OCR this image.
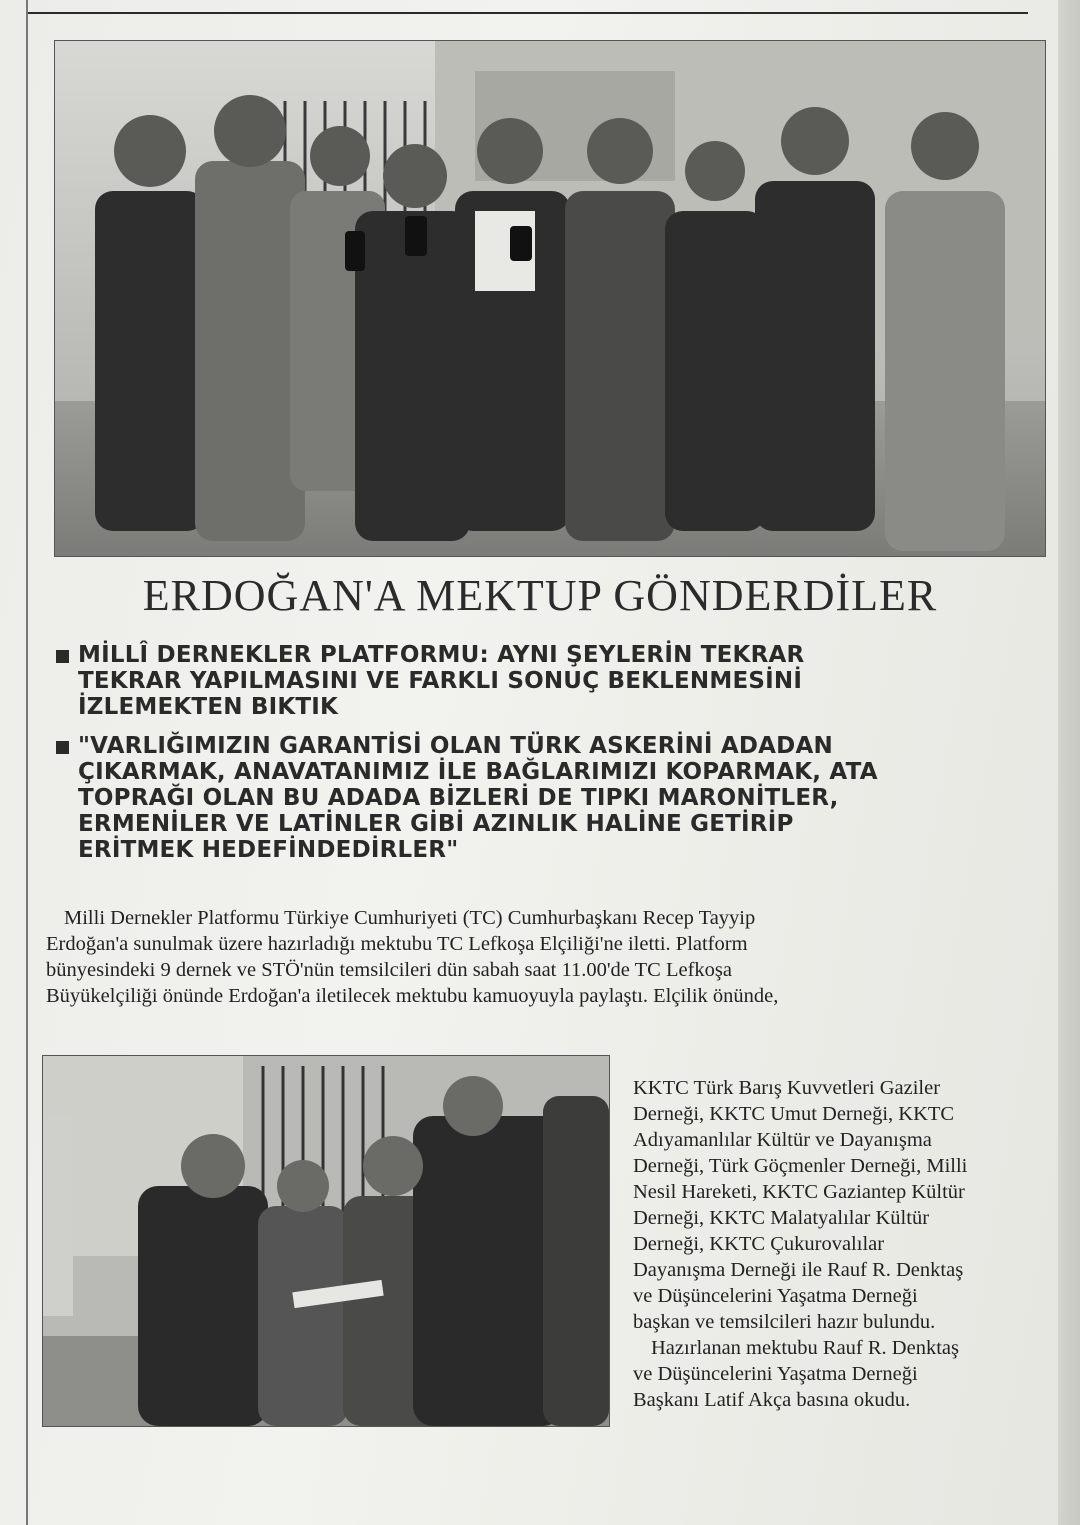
ERDOĞAN'A MEKTUP GÖNDERDİLER
MİLLÎ DERNEKLER PLATFORMU: AYNI ŞEYLERİN TEKRAR
TEKRAR YAPILMASINI VE FARKLI SONUÇ BEKLENMESİNİ
İZLEMEKTEN BIKTIK
"VARLIĞIMIZIN GARANTİSİ OLAN TÜRK ASKERİNİ ADADAN
ÇIKARMAK, ANAVATANIMIZ İLE BAĞLARIMIZI KOPARMAK, ATA
TOPRAĞI OLAN BU ADADA BİZLERİ DE TIPKI MARONİTLER,
ERMENİLER VE LATİNLER GİBİ AZINLIK HALİNE GETİRİP
ERİTMEK HEDEFİNDEDİRLER"
Milli Dernekler Platformu Türkiye Cumhuriyeti (TC) Cumhurbaşkanı Recep Tayyip
Erdoğan'a sunulmak üzere hazırladığı mektubu TC Lefkoşa Elçiliği'ne iletti. Platform
bünyesindeki 9 dernek ve STÖ'nün temsilcileri dün sabah saat 11.00'de TC Lefkoşa
Büyükelçiliği önünde Erdoğan'a iletilecek mektubu kamuoyuyla paylaştı. Elçilik önünde,
KKTC Türk Barış Kuvvetleri Gaziler
Derneği, KKTC Umut Derneği, KKTC
Adıyamanlılar Kültür ve Dayanışma
Derneği, Türk Göçmenler Derneği, Milli
Nesil Hareketi, KKTC Gaziantep Kültür
Derneği, KKTC Malatyalılar Kültür
Derneği, KKTC Çukurovalılar
Dayanışma Derneği ile Rauf R. Denktaş
ve Düşüncelerini Yaşatma Derneği
başkan ve temsilcileri hazır bulundu.
Hazırlanan mektubu Rauf R. Denktaş
ve Düşüncelerini Yaşatma Derneği
Başkanı Latif Akça basına okudu.
